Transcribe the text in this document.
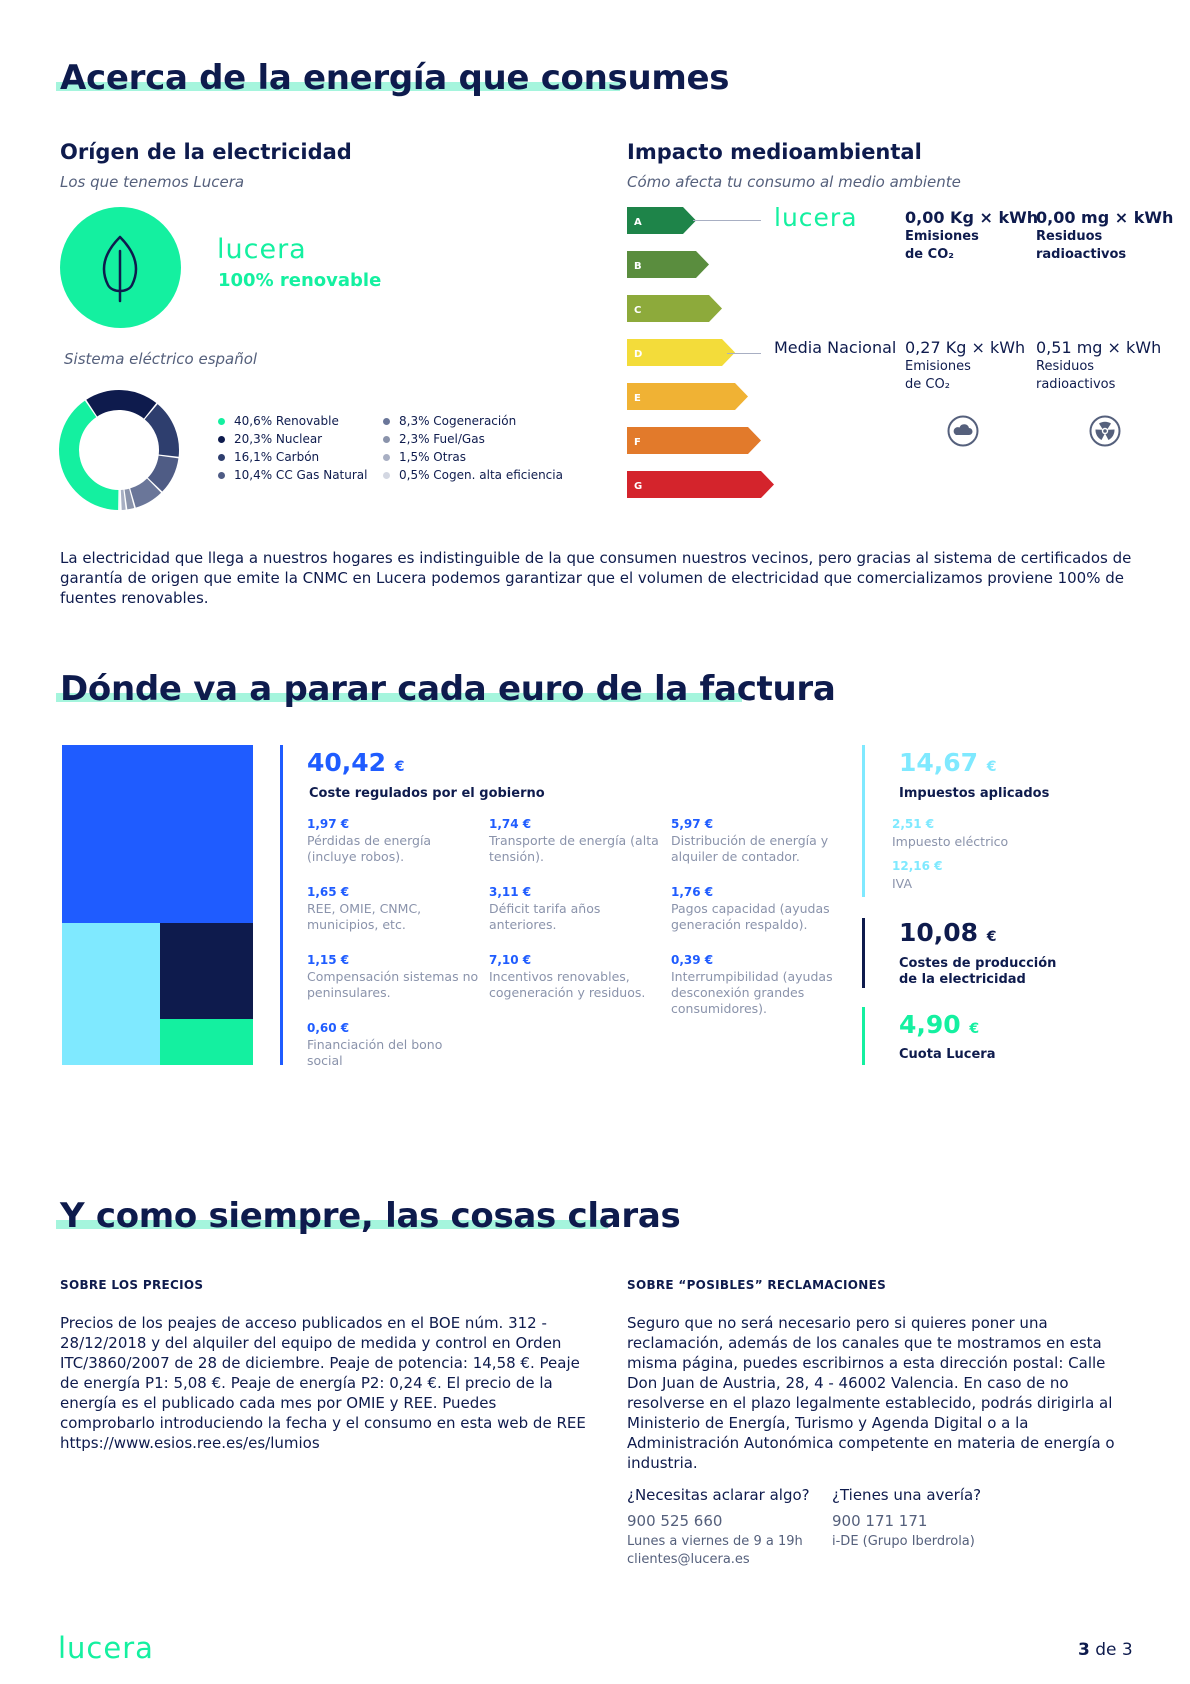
Acerca de la energía que consumes
Orígen de la electricidad
Los que tenemos Lucera
lucera
100% renovable
Sistema eléctrico español
40,6% Renovable
20,3% Nuclear
16,1% Carbón
10,4% CC Gas Natural
8,3% Cogeneración
2,3% Fuel/Gas
1,5% Otras
0,5% Cogen. alta eficiencia
Impacto medioambiental
Cómo afecta tu consumo al medio ambiente
A
B
C
D
E
F
G
lucera	0,00 Kg × kWh
Emisiones de CO₂
0,00 mg × kWh
Residuos radioactivos
Media Nacional 0,27 Kg × kWh
Emisiones de CO₂
0,51 mg × kWh
Residuos radioactivos
La electricidad que llega a nuestros hogares es indistinguible de la que consumen nuestros vecinos, pero gracias al sistema de certificados de garantía de origen que emite la CNMC en Lucera podemos garantizar que el volumen de electricidad que comercializamos proviene 100% de fuentes renovables.
Dónde va a parar cada euro de la factura
40,42 €
Coste regulados por el gobierno
1,97 €
Pérdidas de energía (incluye robos).
1,74 €
Transporte de energía (alta tensión).
5,97 €
Distribución de energía y alquiler de contador.
1,65 €
REE, OMIE, CNMC, municipios, etc.
3,11 €
Déficit tarifa años anteriores.
1,76 €
Pagos capacidad (ayudas generación respaldo).
1,15 €
Compensación sistemas no peninsulares.
7,10 €
Incentivos renovables, cogeneración y residuos.
0,39 €
Interrumpibilidad (ayudas desconexión grandes consumidores).
0,60 €
Financiación del bono social
14,67 €
Impuestos aplicados
2,51 €
Impuesto eléctrico
12,16 €
IVA
10,08 €
Costes de producción de la electricidad
4,90 €
Cuota Lucera
Y como siempre, las cosas claras
SOBRE LOS PRECIOS
Precios de los peajes de acceso publicados en el BOE núm. 312 - 28/12/2018 y del alquiler del equipo de medida y control en Orden ITC/3860/2007 de 28 de diciembre. Peaje de potencia: 14,58 €. Peaje de energía P1: 5,08 €. Peaje de energía P2: 0,24 €. El precio de la energía es el publicado cada mes por OMIE y REE. Puedes comprobarlo introduciendo la fecha y el consumo en esta web de REE https://www.esios.ree.es/es/lumios
SOBRE “POSIBLES” RECLAMACIONES
Seguro que no será necesario pero si quieres poner una reclamación, además de los canales que te mostramos en esta misma página, puedes escribirnos a esta dirección postal: Calle Don Juan de Austria, 28, 4 - 46002 Valencia. En caso de no resolverse en el plazo legalmente establecido, podrás dirigirla al Ministerio de Energía, Turismo y Agenda Digital o a la Administración Autonómica competente en materia de energía o industria.
¿Necesitas aclarar algo?
900 525 660
Lunes a viernes de 9 a 19h
clientes@lucera.es
¿Tienes una avería?
900 171 171
i-DE (Grupo Iberdrola)
lucera	3 de 3
